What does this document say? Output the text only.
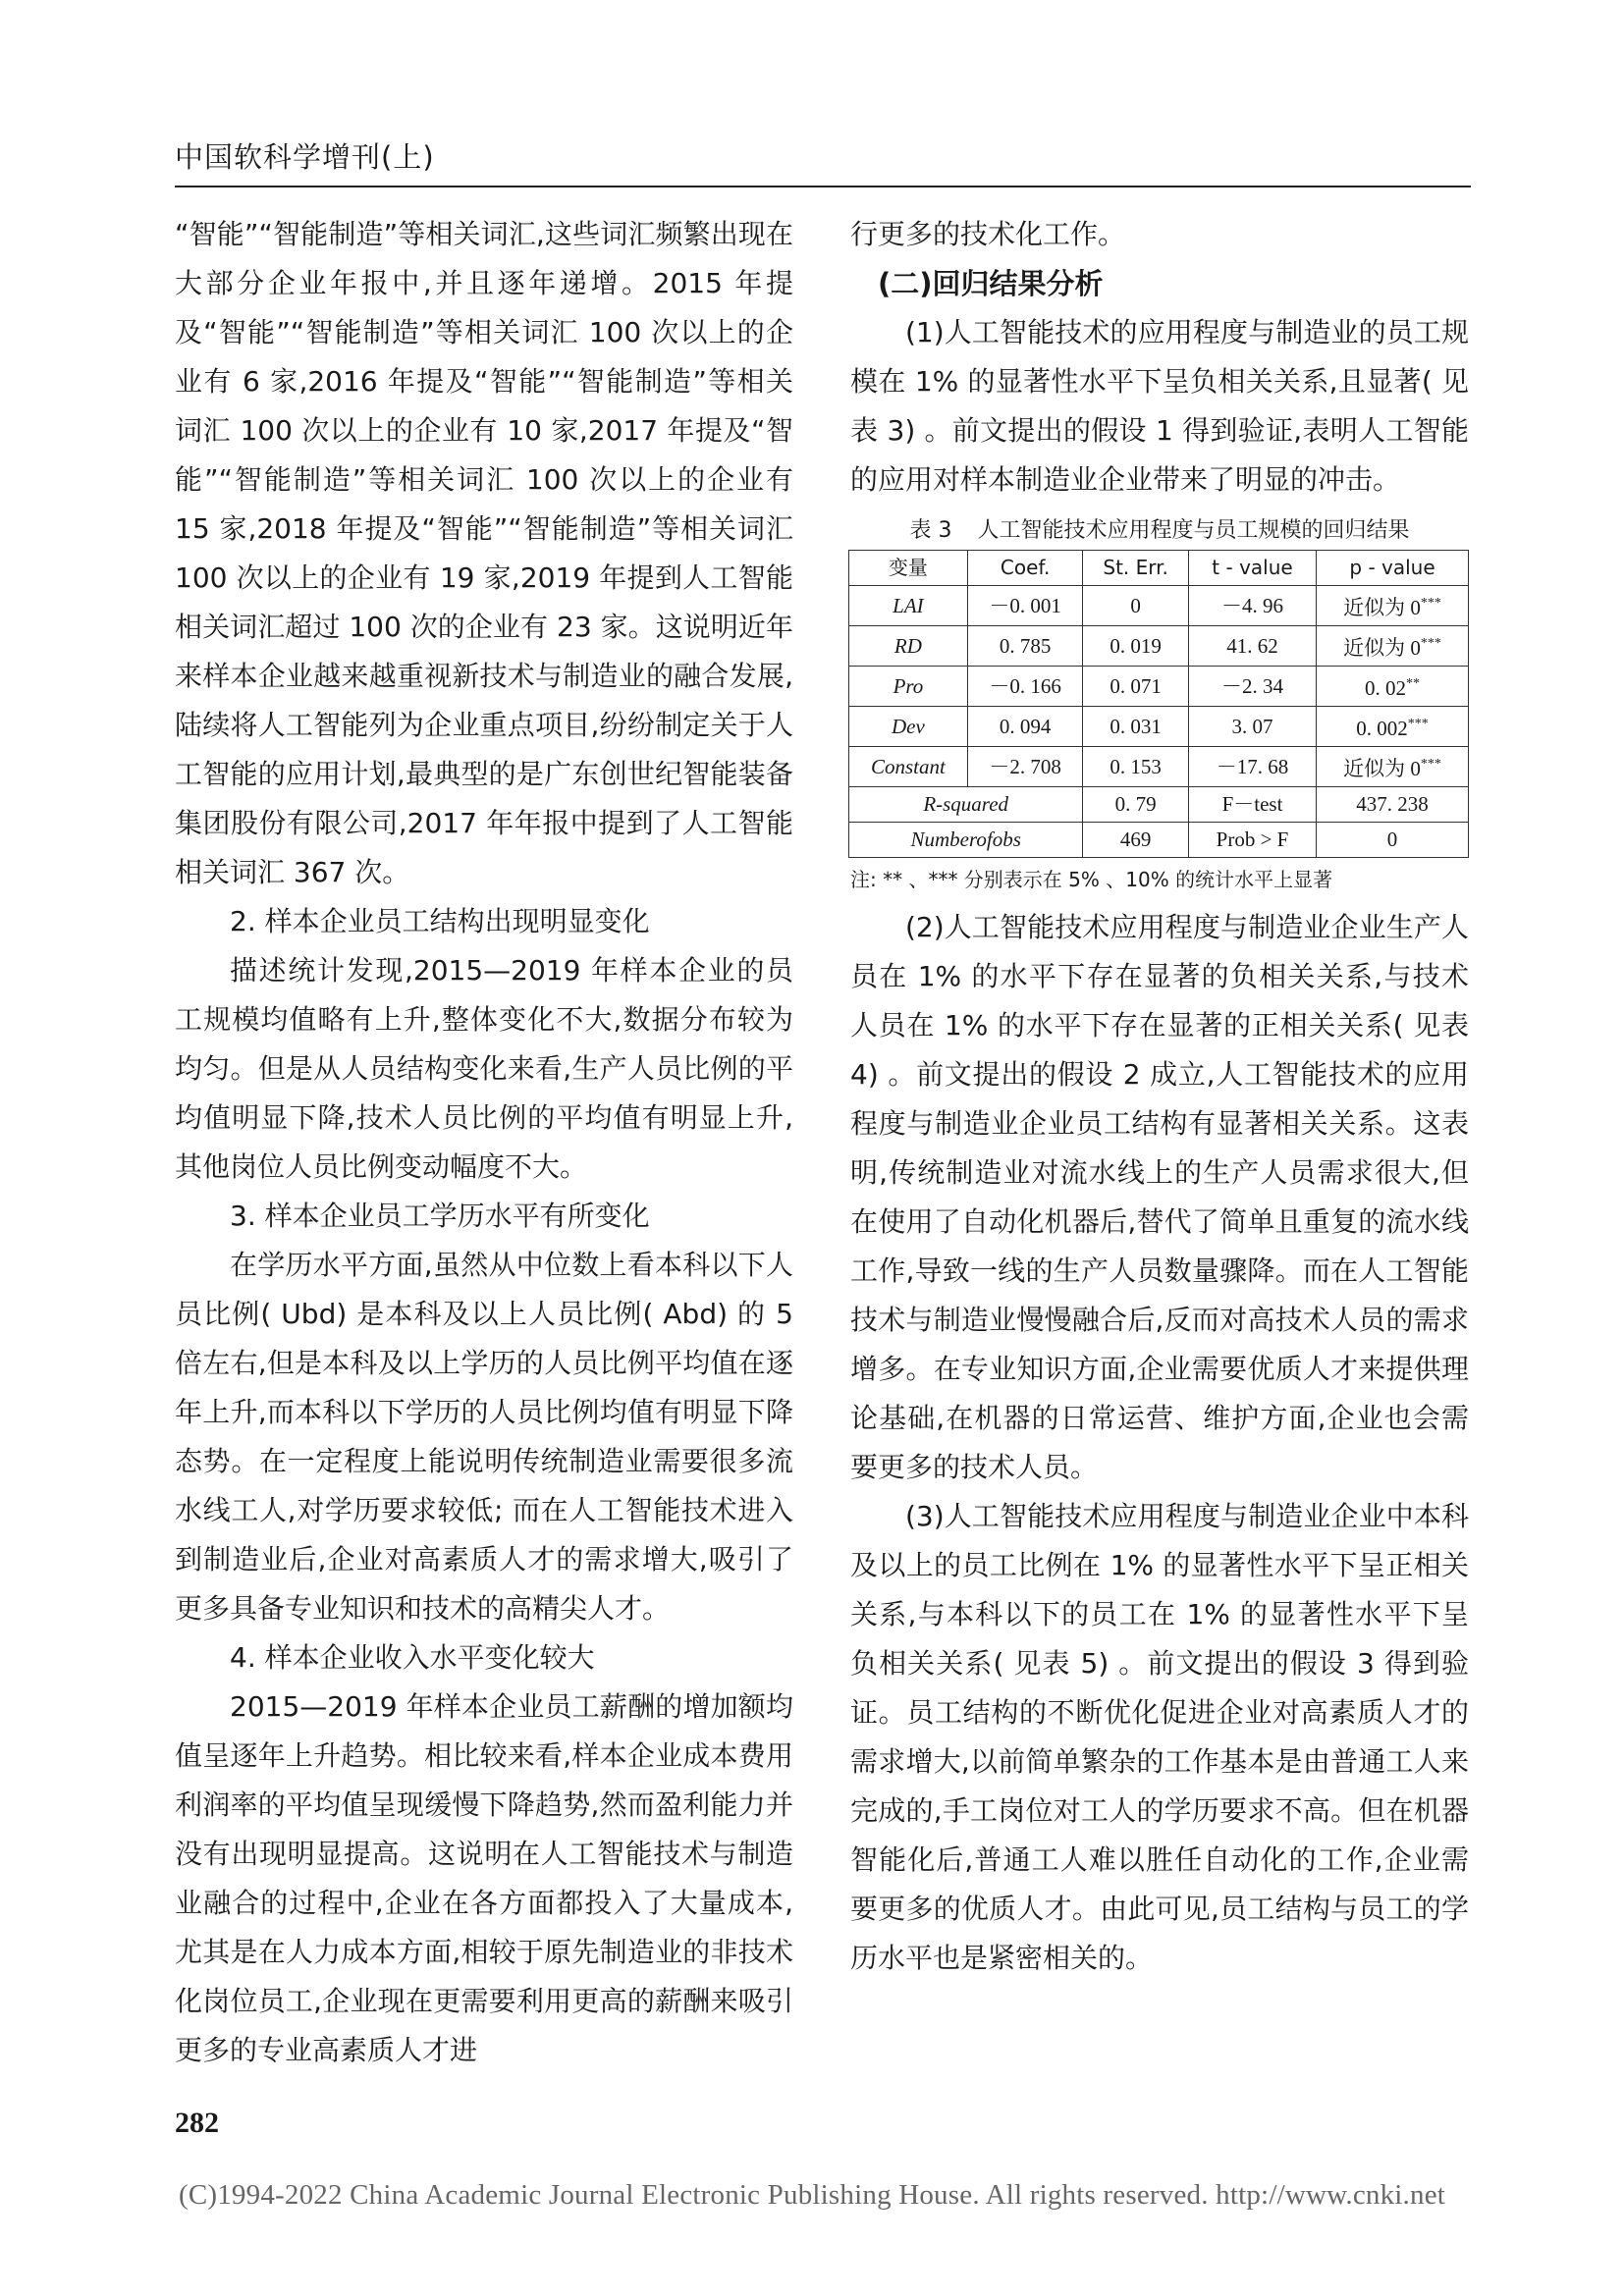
中国软科学增刊(上)

“智能”“智能制造”等相关词汇,这些词汇频繁出现在大部分企业年报中,并且逐年递增。2015 年提及“智能”“智能制造”等相关词汇 100 次以上的企业有 6 家,2016 年提及“智能”“智能制造”等相关词汇 100 次以上的企业有 10 家,2017 年提及“智能”“智能制造”等相关词汇 100 次以上的企业有 15 家,2018 年提及“智能”“智能制造”等相关词汇 100 次以上的企业有 19 家,2019 年提到人工智能相关词汇超过 100 次的企业有 23 家。这说明近年来样本企业越来越重视新技术与制造业的融合发展,陆续将人工智能列为企业重点项目,纷纷制定关于人工智能的应用计划,最典型的是广东创世纪智能装备集团股份有限公司,2017 年年报中提到了人工智能相关词汇 367 次。

2. 样本企业员工结构出现明显变化

描述统计发现,2015—2019 年样本企业的员工规模均值略有上升,整体变化不大,数据分布较为均匀。但是从人员结构变化来看,生产人员比例的平均值明显下降,技术人员比例的平均值有明显上升,其他岗位人员比例变动幅度不大。

3. 样本企业员工学历水平有所变化

在学历水平方面,虽然从中位数上看本科以下人员比例( Ubd) 是本科及以上人员比例( Abd) 的 5 倍左右,但是本科及以上学历的人员比例平均值在逐年上升,而本科以下学历的人员比例均值有明显下降态势。在一定程度上能说明传统制造业需要很多流水线工人,对学历要求较低; 而在人工智能技术进入到制造业后,企业对高素质人才的需求增大,吸引了更多具备专业知识和技术的高精尖人才。

4. 样本企业收入水平变化较大

2015—2019 年样本企业员工薪酬的增加额均值呈逐年上升趋势。相比较来看,样本企业成本费用利润率的平均值呈现缓慢下降趋势,然而盈利能力并没有出现明显提高。这说明在人工智能技术与制造业融合的过程中,企业在各方面都投入了大量成本,尤其是在人力成本方面,相较于原先制造业的非技术化岗位员工,企业现在更需要利用更高的薪酬来吸引更多的专业高素质人才进

行更多的技术化工作。

(二)回归结果分析

(1)人工智能技术的应用程度与制造业的员工规模在 1% 的显著性水平下呈负相关关系,且显著( 见表 3) 。前文提出的假设 1 得到验证,表明人工智能的应用对样本制造业企业带来了明显的冲击。

表 3 人工智能技术应用程度与员工规模的回归结果
变量	Coef.	St. Err.	t - value	p - value
LAI	－0. 001	0	－4. 96	近似为 0***
RD	0. 785	0. 019	41. 62	近似为 0***
Pro	－0. 166	0. 071	－2. 34	0. 02**
Dev	0. 094	0. 031	3. 07	0. 002***
Constant	－2. 708	0. 153	－17. 68	近似为 0***
R-squared		0. 79	F－test	437. 238
Numberofobs		469	Prob > F	0
注: ** 、*** 分别表示在 5% 、10% 的统计水平上显著

(2)人工智能技术应用程度与制造业企业生产人员在 1% 的水平下存在显著的负相关关系,与技术人员在 1% 的水平下存在显著的正相关关系( 见表 4) 。前文提出的假设 2 成立,人工智能技术的应用程度与制造业企业员工结构有显著相关关系。这表明,传统制造业对流水线上的生产人员需求很大,但在使用了自动化机器后,替代了简单且重复的流水线工作,导致一线的生产人员数量骤降。而在人工智能技术与制造业慢慢融合后,反而对高技术人员的需求增多。在专业知识方面,企业需要优质人才来提供理论基础,在机器的日常运营、维护方面,企业也会需要更多的技术人员。

(3)人工智能技术应用程度与制造业企业中本科及以上的员工比例在 1% 的显著性水平下呈正相关关系,与本科以下的员工在 1% 的显著性水平下呈负相关关系( 见表 5) 。前文提出的假设 3 得到验证。员工结构的不断优化促进企业对高素质人才的需求增大,以前简单繁杂的工作基本是由普通工人来完成的,手工岗位对工人的学历要求不高。但在机器智能化后,普通工人难以胜任自动化的工作,企业需要更多的优质人才。由此可见,员工结构与员工的学历水平也是紧密相关的。

282
(C)1994-2022 China Academic Journal Electronic Publishing House. All rights reserved. http://www.cnki.net
